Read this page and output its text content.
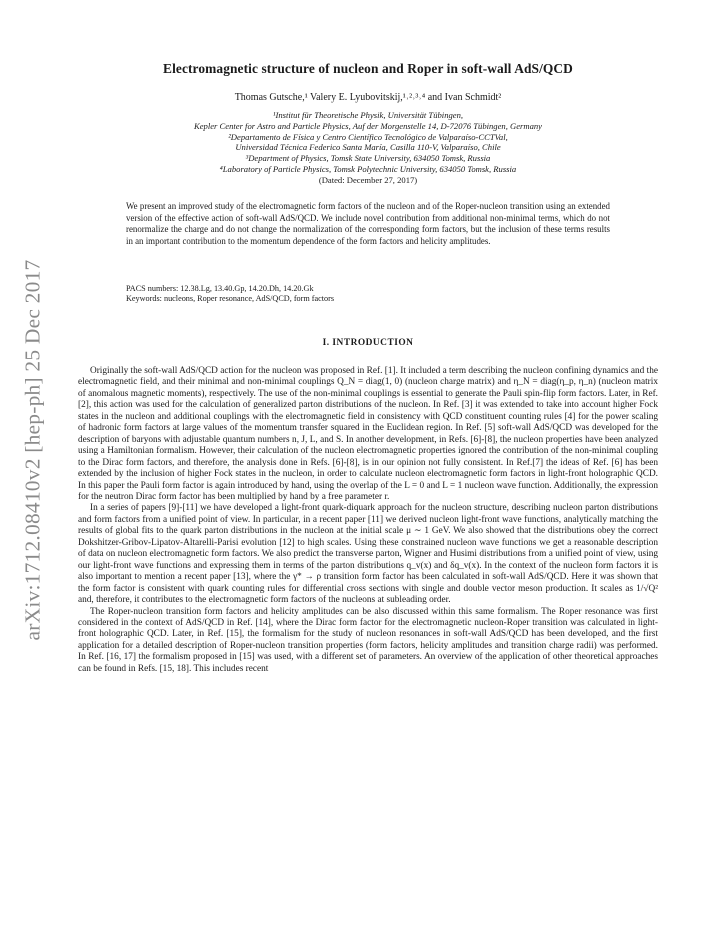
arXiv:1712.08410v2 [hep-ph] 25 Dec 2017
Electromagnetic structure of nucleon and Roper in soft-wall AdS/QCD
Thomas Gutsche,¹ Valery E. Lyubovitskij,¹˒²˒³˒⁴ and Ivan Schmidt²
¹Institut für Theoretische Physik, Universität Tübingen,
Kepler Center for Astro and Particle Physics, Auf der Morgenstelle 14, D-72076 Tübingen, Germany
²Departamento de Física y Centro Científico Tecnológico de Valparaíso-CCTVal,
Universidad Técnica Federico Santa María, Casilla 110-V, Valparaíso, Chile
³Department of Physics, Tomsk State University, 634050 Tomsk, Russia
⁴Laboratory of Particle Physics, Tomsk Polytechnic University, 634050 Tomsk, Russia
(Dated: December 27, 2017)
We present an improved study of the electromagnetic form factors of the nucleon and of the Roper-nucleon transition using an extended version of the effective action of soft-wall AdS/QCD. We include novel contribution from additional non-minimal terms, which do not renormalize the charge and do not change the normalization of the corresponding form factors, but the inclusion of these terms results in an important contribution to the momentum dependence of the form factors and helicity amplitudes.
PACS numbers: 12.38.Lg, 13.40.Gp, 14.20.Dh, 14.20.Gk
Keywords: nucleons, Roper resonance, AdS/QCD, form factors
I. INTRODUCTION

Originally the soft-wall AdS/QCD action for the nucleon was proposed in Ref. [1]. It included a term describing the nucleon confining dynamics and the electromagnetic field, and their minimal and non-minimal couplings Q_N = diag(1, 0) (nucleon charge matrix) and η_N = diag(η_p, η_n) (nucleon matrix of anomalous magnetic moments), respectively. The use of the non-minimal couplings is essential to generate the Pauli spin-flip form factors. Later, in Ref. [2], this action was used for the calculation of generalized parton distributions of the nucleon. In Ref. [3] it was extended to take into account higher Fock states in the nucleon and additional couplings with the electromagnetic field in consistency with QCD constituent counting rules [4] for the power scaling of hadronic form factors at large values of the momentum transfer squared in the Euclidean region. In Ref. [5] soft-wall AdS/QCD was developed for the description of baryons with adjustable quantum numbers n, J, L, and S. In another development, in Refs. [6]-[8], the nucleon properties have been analyzed using a Hamiltonian formalism. However, their calculation of the nucleon electromagnetic properties ignored the contribution of the non-minimal coupling to the Dirac form factors, and therefore, the analysis done in Refs. [6]-[8], is in our opinion not fully consistent. In Ref.[7] the ideas of Ref. [6] has been extended by the inclusion of higher Fock states in the nucleon, in order to calculate nucleon electromagnetic form factors in light-front holographic QCD. In this paper the Pauli form factor is again introduced by hand, using the overlap of the L = 0 and L = 1 nucleon wave function. Additionally, the expression for the neutron Dirac form factor has been multiplied by hand by a free parameter r.

In a series of papers [9]-[11] we have developed a light-front quark-diquark approach for the nucleon structure, describing nucleon parton distributions and form factors from a unified point of view. In particular, in a recent paper [11] we derived nucleon light-front wave functions, analytically matching the results of global fits to the quark parton distributions in the nucleon at the initial scale μ ∼ 1 GeV. We also showed that the distributions obey the correct Dokshitzer-Gribov-Lipatov-Altarelli-Parisi evolution [12] to high scales. Using these constrained nucleon wave functions we get a reasonable description of data on nucleon electromagnetic form factors. We also predict the transverse parton, Wigner and Husimi distributions from a unified point of view, using our light-front wave functions and expressing them in terms of the parton distributions q_v(x) and δq_v(x). In the context of the nucleon form factors it is also important to mention a recent paper [13], where the γ* → ρ transition form factor has been calculated in soft-wall AdS/QCD. Here it was shown that the form factor is consistent with quark counting rules for differential cross sections with single and double vector meson production. It scales as 1/√Q² and, therefore, it contributes to the electromagnetic form factors of the nucleons at subleading order.

The Roper-nucleon transition form factors and helicity amplitudes can be also discussed within this same formalism. The Roper resonance was first considered in the context of AdS/QCD in Ref. [14], where the Dirac form factor for the electromagnetic nucleon-Roper transition was calculated in light-front holographic QCD. Later, in Ref. [15], the formalism for the study of nucleon resonances in soft-wall AdS/QCD has been developed, and the first application for a detailed description of Roper-nucleon transition properties (form factors, helicity amplitudes and transition charge radii) was performed. In Ref. [16, 17] the formalism proposed in [15] was used, with a different set of parameters. An overview of the application of other theoretical approaches can be found in Refs. [15, 18]. This includes recent
